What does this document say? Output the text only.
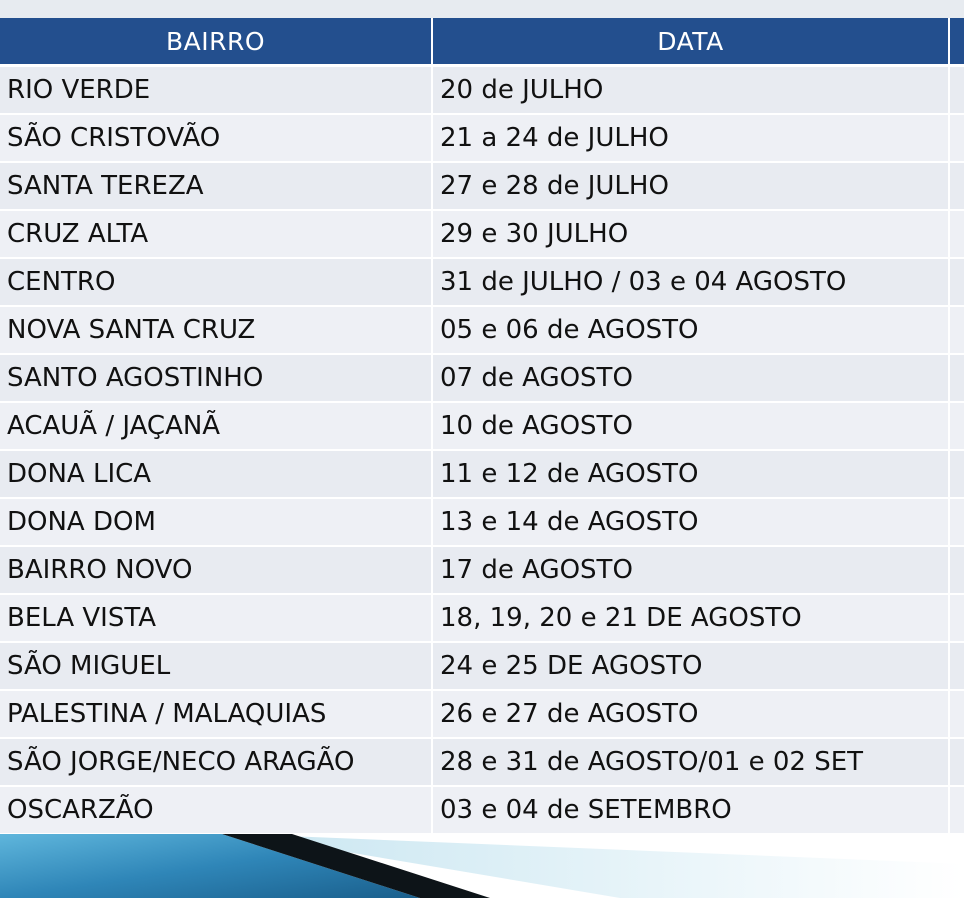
BAIRRO	DATA	
RIO VERDE	20 de JULHO	
SÃO CRISTOVÃO	21 a 24 de JULHO	
SANTA TEREZA	27 e 28 de JULHO	
CRUZ ALTA	29 e 30 JULHO	
CENTRO	31 de JULHO / 03 e 04 AGOSTO	
NOVA SANTA CRUZ	05 e 06 de AGOSTO	
SANTO AGOSTINHO	07 de AGOSTO	
ACAUÃ / JAÇANÃ	10 de AGOSTO	
DONA LICA	11 e 12 de AGOSTO	
DONA DOM	13 e 14 de AGOSTO	
BAIRRO NOVO	17 de AGOSTO	
BELA VISTA	18, 19, 20 e 21 DE AGOSTO	
SÃO MIGUEL	24 e 25 DE AGOSTO	
PALESTINA / MALAQUIAS	26 e 27 de AGOSTO	
SÃO JORGE/NECO ARAGÃO	28 e 31 de AGOSTO/01 e 02 SET	
OSCARZÃO	03 e 04 de SETEMBRO	
